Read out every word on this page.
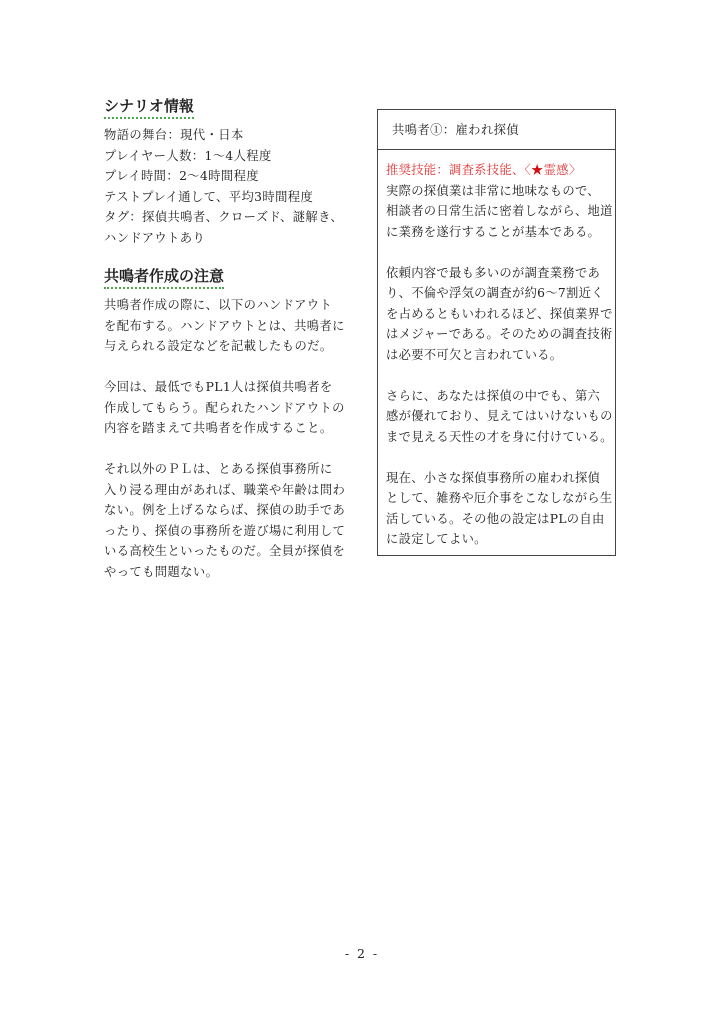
シナリオ情報
物語の舞台：現代・日本
プレイヤー人数：1〜4人程度
プレイ時間：2〜4時間程度
テストプレイ通して、平均3時間程度
タグ：探偵共鳴者、クローズド、謎解き、
ハンドアウトあり
共鳴者作成の注意

共鳴者作成の際に、以下のハンドアウト

を配布する。ハンドアウトとは、共鳴者に

与えられる設定などを記載したものだ。

今回は、最低でもPL1人は探偵共鳴者を

作成してもらう。配られたハンドアウトの

内容を踏まえて共鳴者を作成すること。

それ以外のＰＬは、とある探偵事務所に

入り浸る理由があれば、職業や年齢は問わ

ない。例を上げるならば、探偵の助手であ

ったり、探偵の事務所を遊び場に利用して

いる高校生といったものだ。全員が探偵を

やっても問題ない。

共鳴者①：雇われ探偵

推奨技能：調査系技能、〈★霊感〉

実際の探偵業は非常に地味なもので、

相談者の日常生活に密着しながら、地道

に業務を遂行することが基本である。

依頼内容で最も多いのが調査業務であ

り、不倫や浮気の調査が約6〜7割近く

を占めるともいわれるほど、探偵業界で

はメジャーである。そのための調査技術

は必要不可欠と言われている。

さらに、あなたは探偵の中でも、第六

感が優れており、見えてはいけないもの

まで見える天性の才を身に付けている。

現在、小さな探偵事務所の雇われ探偵

として、雑務や厄介事をこなしながら生

活している。その他の設定はPLの自由

に設定してよい。

- 2 -
